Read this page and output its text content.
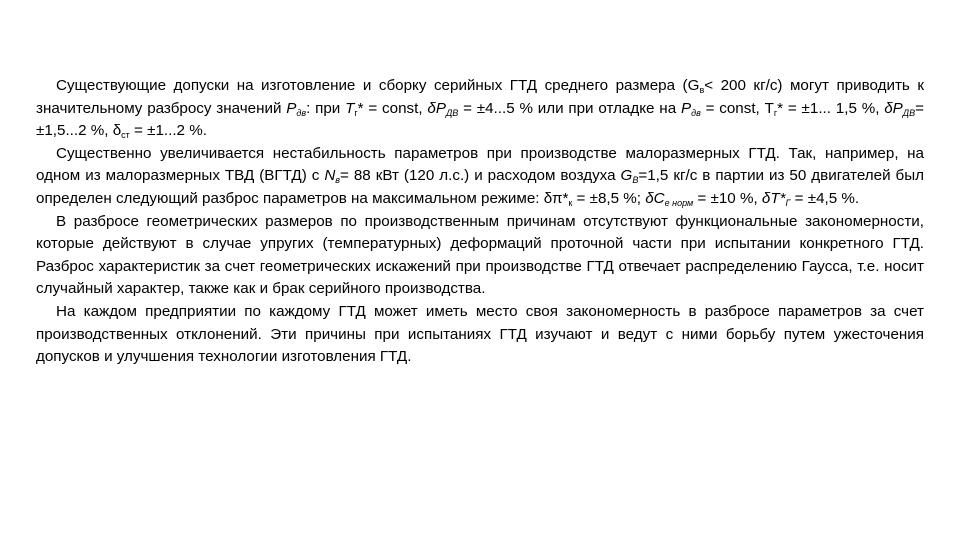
Существующие допуски на изготовление и сборку серийных ГТД среднего размера ($G_в< 200$ кг/с) могут приводить к значительному разбросу значений $Р_{дв}$: при $Т_г*$ = const, $\delta Р_{ДВ} = \pm 4...5$ % или при отладке на $Р_{дв}$ = const, $Т_г* = \pm 1$... 1,5 %, $\delta Р_{ДВ}= \pm 1,5...2$ %, $\delta_{ст} = \pm 1...2$ %.

Существенно увеличивается нестабильность параметров при производстве малоразмерных ГТД. Так, например, на одном из малоразмерных ТВД (ВГТД) с $N_в= 88$ кВт (120 л.с.) и расходом воздуха $G_В=1,5$ кг/с в партии из 50 двигателей был определен следующий разброс параметров на максимальном режиме: $\delta\pi*_к = \pm 8,5$ %; $\delta С_{е норм} = \pm 10$ %, $\delta Т*_Г = \pm 4,5$ %.

В разбросе геометрических размеров по производственным причинам отсутствуют функциональные закономерности, которые действуют в случае упругих (температурных) деформаций проточной части при испытании конкретного ГТД. Разброс характеристик за счет геометрических искажений при производстве ГТД отвечает распределению Гаусса, т.е. носит случайный характер, также как и брак серийного производства.

На каждом предприятии по каждому ГТД может иметь место своя закономерность в разбросе параметров за счет производственных отклонений. Эти причины при испытаниях ГТД изучают и ведут с ними борьбу путем ужесточения допусков и улучшения технологии изготовления ГТД.
